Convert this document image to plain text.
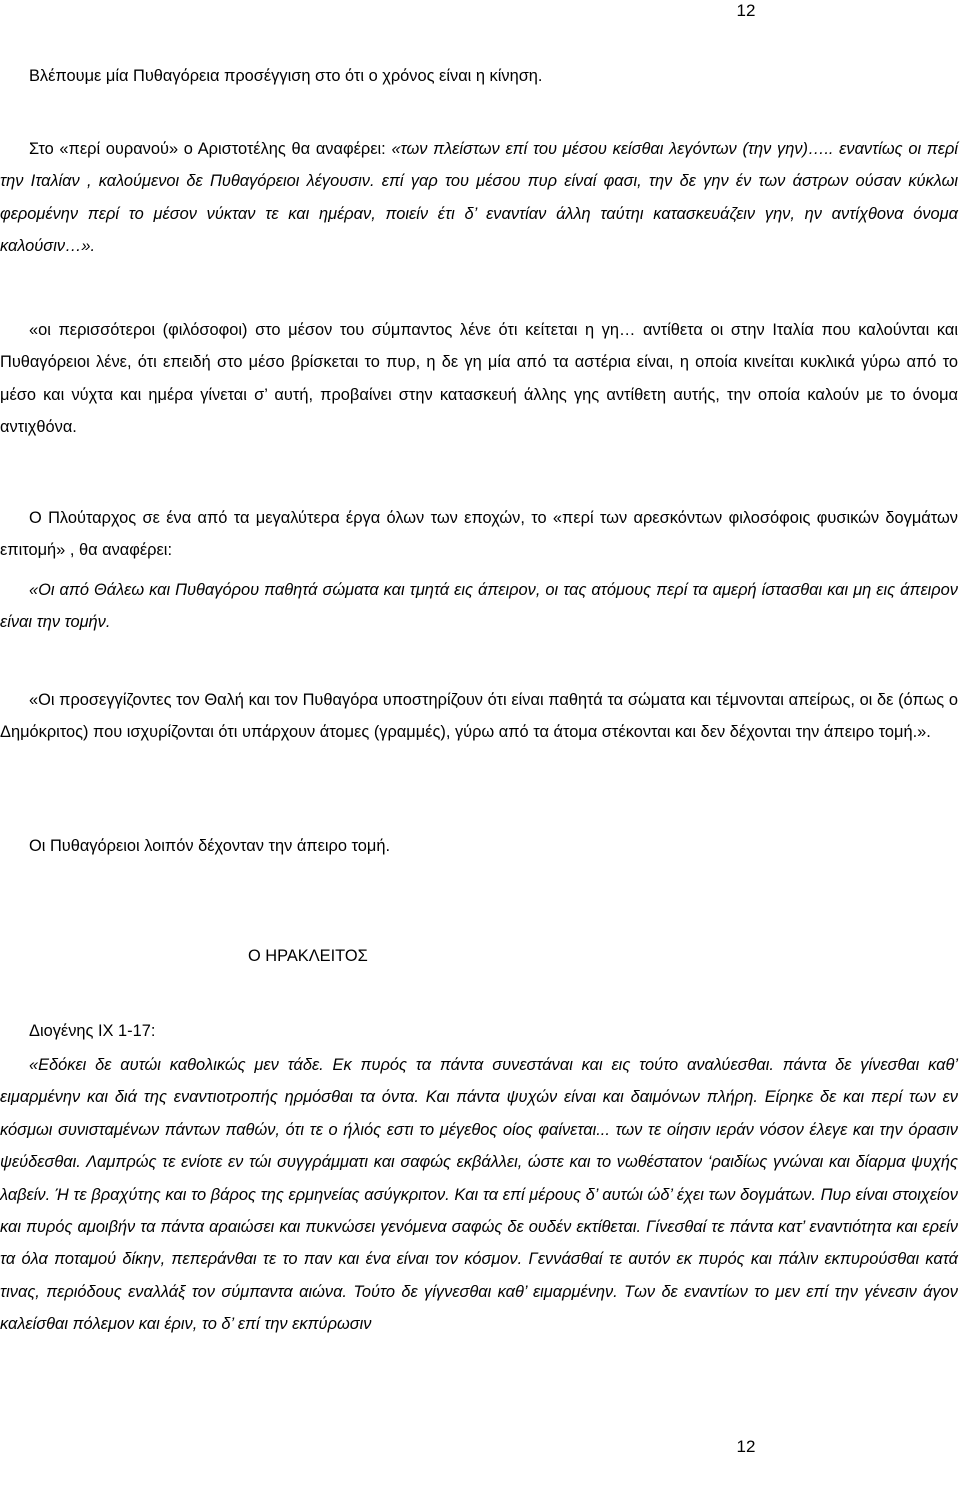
12

Βλέπουμε μία Πυθαγόρεια προσέγγιση στο ότι ο χρόνος είναι η κίνηση.

Στο «περί ουρανού» ο Αριστοτέλης θα αναφέρει: «των πλείστων επί του μέσου κείσθαι λεγόντων (την γην)….. εναντίως οι περί την Ιταλίαν , καλούμενοι δε Πυθαγόρειοι λέγουσιν. επί γαρ του μέσου πυρ είναί φασι, την δε γην έν των άστρων ούσαν κύκλωι φερομένην περί το μέσον νύκταν τε και ημέραν, ποιείν έτι δ’ εναντίαν άλλη ταύτηι κατασκευάζειν γην, ην αντίχθονα όνομα καλούσιν…».

«οι περισσότεροι (φιλόσοφοι) στο μέσον του σύμπαντος λένε ότι κείτεται η γη… αντίθετα οι στην Ιταλία που καλούνται και Πυθαγόρειοι λένε, ότι επειδή στο μέσο βρίσκεται το πυρ, η δε γη μία από τα αστέρια είναι, η οποία κινείται κυκλικά γύρω από το μέσο και νύχτα και ημέρα γίνεται σ’ αυτή, προβαίνει στην κατασκευή άλλης γης αντίθετη αυτής, την οποία καλούν με το όνομα αντιχθόνα.

Ο Πλούταρχος σε ένα από τα μεγαλύτερα έργα όλων των εποχών, το «περί των αρεσκόντων φιλοσόφοις φυσικών δογμάτων επιτομή» , θα αναφέρει:

«Οι από Θάλεω και Πυθαγόρου παθητά σώματα και τμητά εις άπειρον, οι τας ατόμους περί τα αμερή ίστασθαι και μη εις άπειρον είναι την τομήν.

«Οι προσεγγίζοντες τον Θαλή και τον Πυθαγόρα υποστηρίζουν ότι είναι παθητά τα σώματα και τέμνονται απείρως, οι δε (όπως ο Δημόκριτος) που ισχυρίζονται ότι υπάρχουν άτομες (γραμμές), γύρω από τα άτομα στέκονται και δεν δέχονται την άπειρο τομή.».

Οι Πυθαγόρειοι λοιπόν δέχονταν την άπειρο τομή.

Ο ΗΡΑΚΛΕΙΤΟΣ

Διογένης ΙΧ 1-17:

«Εδόκει δε αυτώι καθολικώς μεν τάδε. Εκ πυρός τα πάντα συνεστάναι και εις τούτο αναλύεσθαι. πάντα δε γίνεσθαι καθ’ ειμαρμένην και διά της εναντιοτροπής ηρμόσθαι τα όντα. Και πάντα ψυχών είναι και δαιμόνων πλήρη. Είρηκε δε και περί των εν κόσμωι συνισταμένων πάντων παθών, ότι τε ο ήλιός εστι το μέγεθος οίος φαίνεται... των τε οίησιν ιεράν νόσον έλεγε και την όρασιν ψεύδεσθαι. Λαμπρώς τε ενίοτε εν τώι συγγράμματι και σαφώς εκβάλλει, ώστε και το νωθέστατον ‘ραιδίως γνώναι και δίαρμα ψυχής λαβείν. Ή τε βραχύτης και το βάρος της ερμηνείας ασύγκριτον. Και τα επί μέρους δ’ αυτώι ώδ’ έχει των δογμάτων. Πυρ είναι στοιχείον και πυρός αμοιβήν τα πάντα αραιώσει και πυκνώσει γενόμενα σαφώς δε ουδέν εκτίθεται. Γίνεσθαί τε πάντα κατ’ εναντιότητα και ερείν τα όλα ποταμού δίκην, πεπεράνθαι τε το παν και ένα είναι τον κόσμον. Γεννάσθαί τε αυτόν εκ πυρός και πάλιν εκπυρούσθαι κατά τινας, περιόδους εναλλάξ τον σύμπαντα αιώνα. Τούτο δε γίγνεσθαι καθ’ ειμαρμένην. Των δε εναντίων το μεν επί την γένεσιν άγον καλείσθαι πόλεμον και έριν, το δ’ επί την εκπύρωσιν

12
